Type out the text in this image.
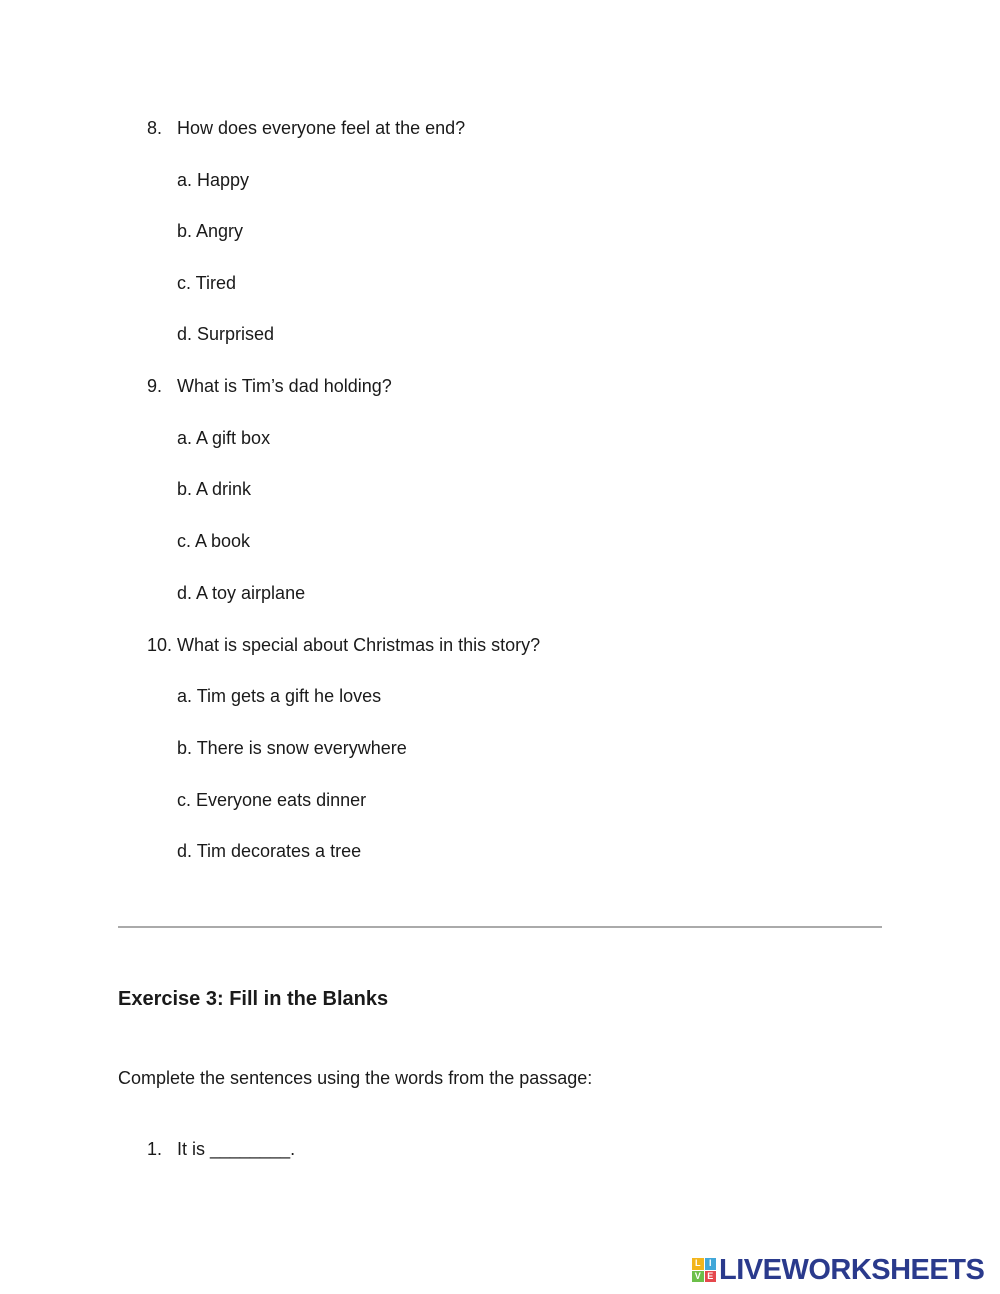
8. How does everyone feel at the end?
a. Happy
b. Angry
c. Tired
d. Surprised
9. What is Tim’s dad holding?
a. A gift box
b. A drink
c. A book
d. A toy airplane
10. What is special about Christmas in this story?
a. Tim gets a gift he loves
b. There is snow everywhere
c. Everyone eats dinner
d. Tim decorates a tree
Exercise 3: Fill in the Blanks
Complete the sentences using the words from the passage:
1. It is ________.
L I
V E LIVEWORKSHEETS
